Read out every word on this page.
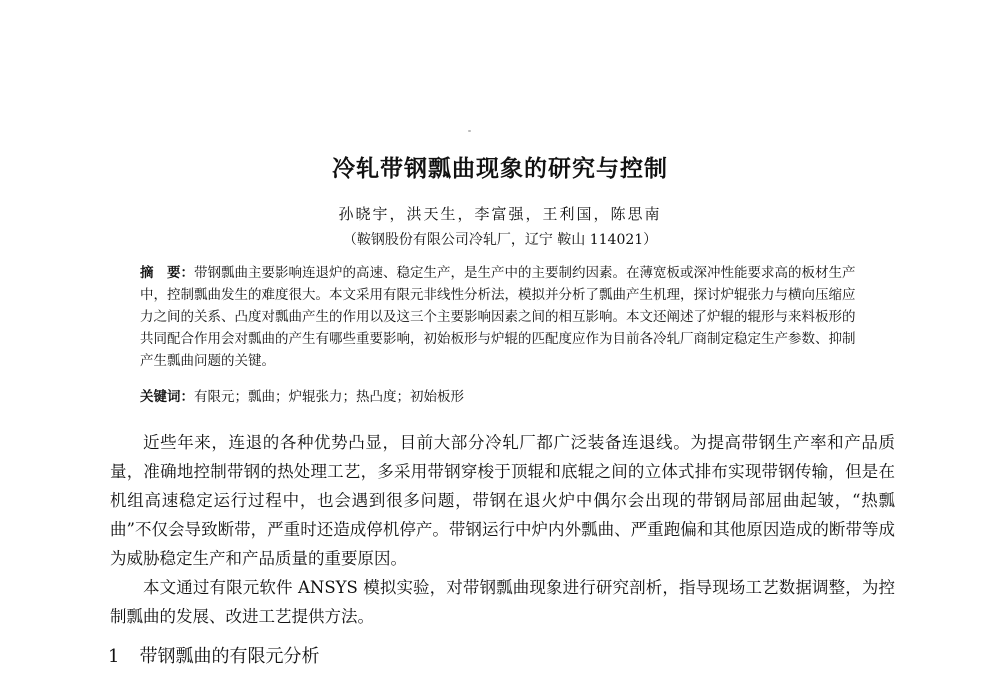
冷轧带钢瓢曲现象的研究与控制
孙晓宇，洪天生，李富强，王利国，陈思南
（鞍钢股份有限公司冷轧厂，辽宁 鞍山 114021）
摘　要：带钢瓢曲主要影响连退炉的高速、稳定生产，是生产中的主要制约因素。在薄宽板或深冲性能要求高的板材生产中，控制瓢曲发生的难度很大。本文采用有限元非线性分析法，模拟并分析了瓢曲产生机理，探讨炉辊张力与横向压缩应力之间的关系、凸度对瓢曲产生的作用以及这三个主要影响因素之间的相互影响。本文还阐述了炉辊的辊形与来料板形的共同配合作用会对瓢曲的产生有哪些重要影响，初始板形与炉辊的匹配度应作为目前各冷轧厂商制定稳定生产参数、抑制产生瓢曲问题的关键。
关键词：有限元；瓢曲；炉辊张力；热凸度；初始板形

近些年来，连退的各种优势凸显，目前大部分冷轧厂都广泛装备连退线。为提高带钢生产率和产品质量，准确地控制带钢的热处理工艺，多采用带钢穿梭于顶辊和底辊之间的立体式排布实现带钢传输，但是在机组高速稳定运行过程中，也会遇到很多问题，带钢在退火炉中偶尔会出现的带钢局部屈曲起皱，“热瓢曲”不仅会导致断带，严重时还造成停机停产。带钢运行中炉内外瓢曲、严重跑偏和其他原因造成的断带等成为威胁稳定生产和产品质量的重要原因。

本文通过有限元软件 ANSYS 模拟实验，对带钢瓢曲现象进行研究剖析，指导现场工艺数据调整，为控制瓢曲的发展、改进工艺提供方法。

1 带钢瓢曲的有限元分析
